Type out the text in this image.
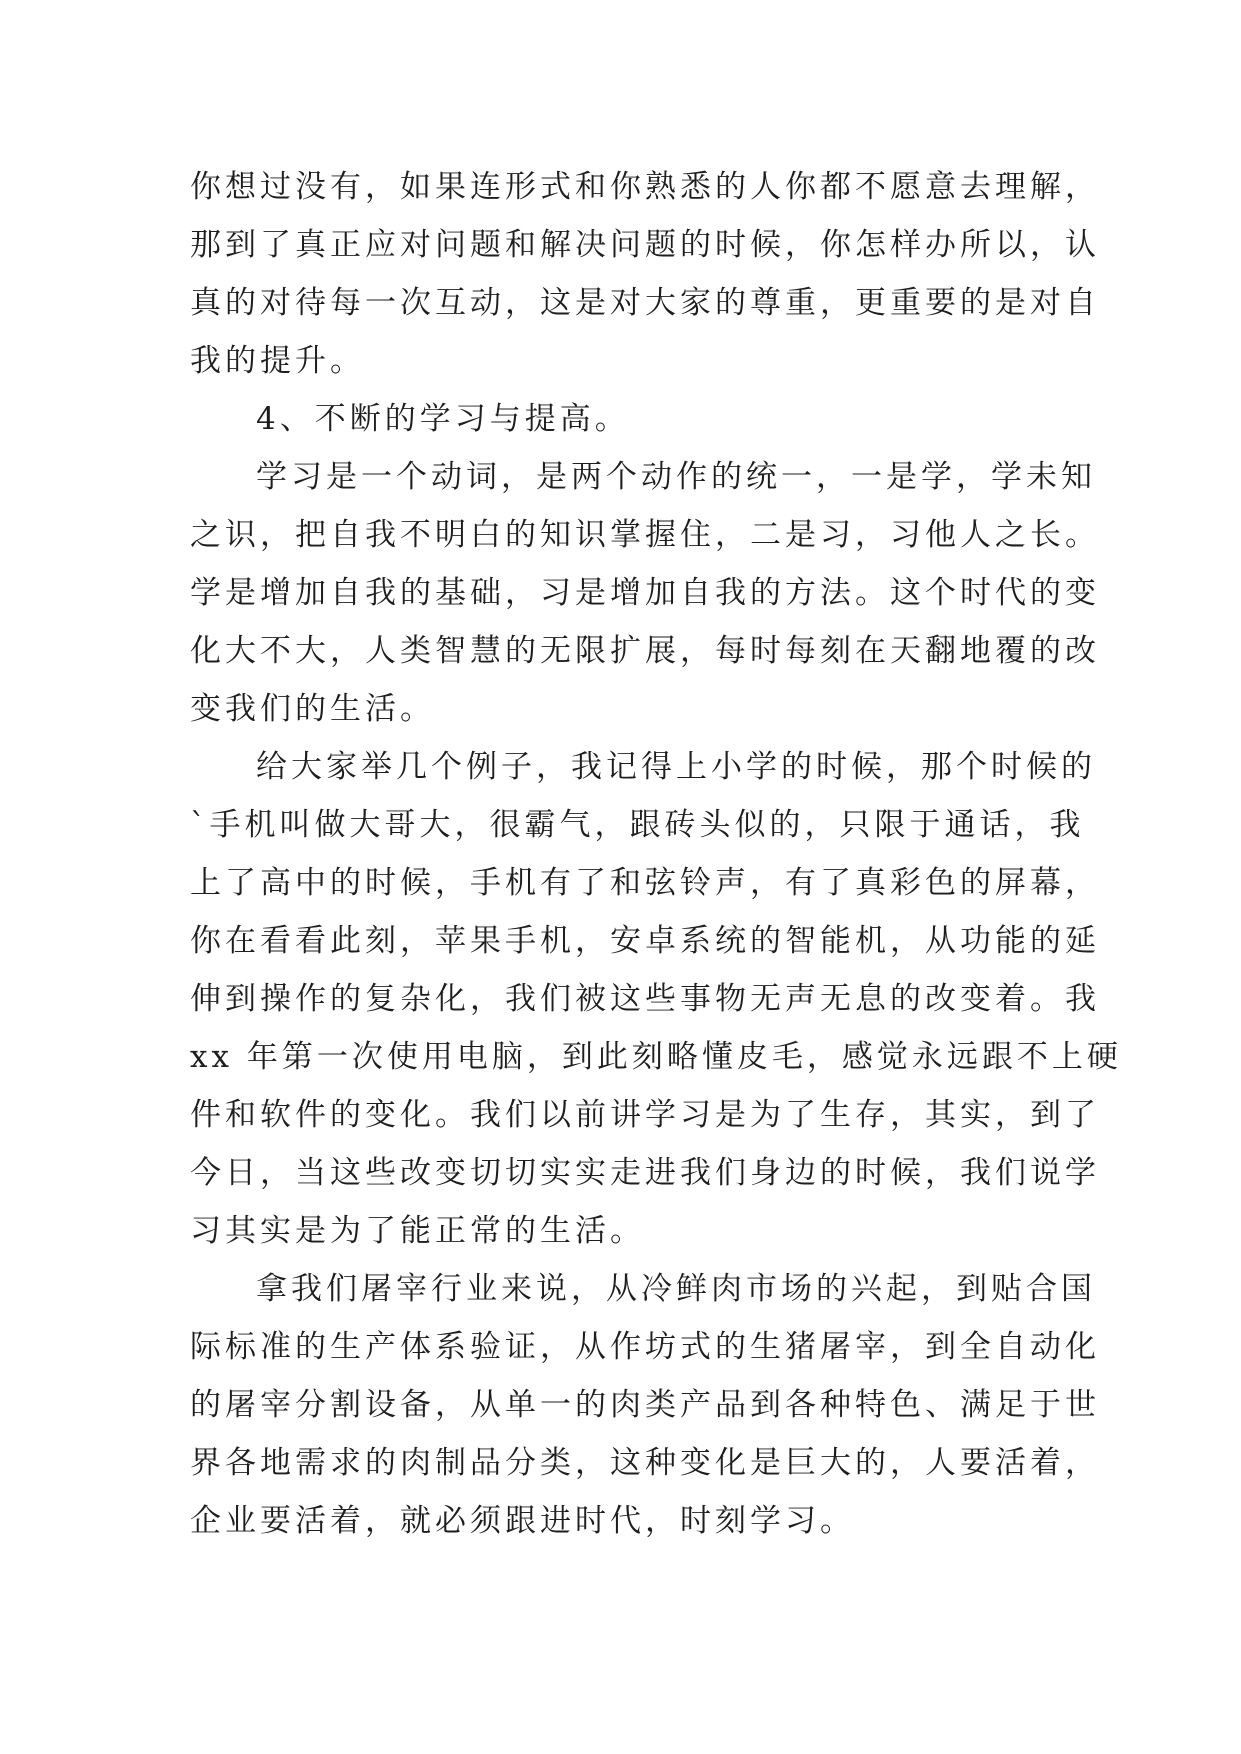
你想过没有，如果连形式和你熟悉的人你都不愿意去理解，
那到了真正应对问题和解决问题的时候，你怎样办所以，认
真的对待每一次互动，这是对大家的尊重，更重要的是对自
我的提升。
4、不断的学习与提高。
学习是一个动词，是两个动作的统一，一是学，学未知
之识，把自我不明白的知识掌握住，二是习，习他人之长。
学是增加自我的基础，习是增加自我的方法。这个时代的变
化大不大，人类智慧的无限扩展，每时每刻在天翻地覆的改
变我们的生活。
给大家举几个例子，我记得上小学的时候，那个时候的
`手机叫做大哥大，很霸气，跟砖头似的，只限于通话，我
上了高中的时候，手机有了和弦铃声，有了真彩色的屏幕，
你在看看此刻，苹果手机，安卓系统的智能机，从功能的延
伸到操作的复杂化，我们被这些事物无声无息的改变着。我
xx 年第一次使用电脑，到此刻略懂皮毛，感觉永远跟不上硬
件和软件的变化。我们以前讲学习是为了生存，其实，到了
今日，当这些改变切切实实走进我们身边的时候，我们说学
习其实是为了能正常的生活。
拿我们屠宰行业来说，从冷鲜肉市场的兴起，到贴合国
际标准的生产体系验证，从作坊式的生猪屠宰，到全自动化
的屠宰分割设备，从单一的肉类产品到各种特色、满足于世
界各地需求的肉制品分类，这种变化是巨大的，人要活着，
企业要活着，就必须跟进时代，时刻学习。
